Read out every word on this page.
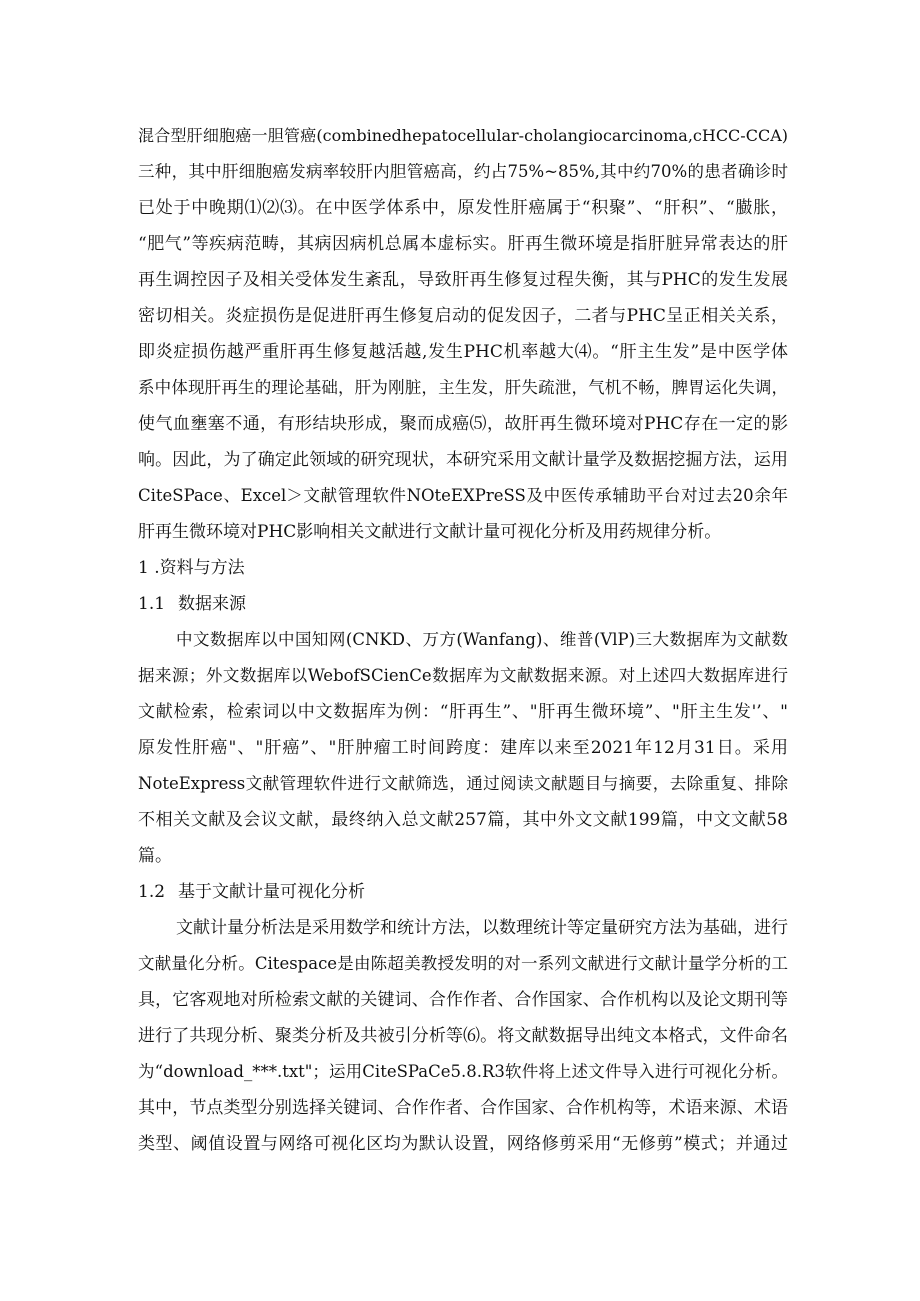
混合型肝细胞癌一胆管癌(combinedhepatocellular-cholangiocarcinoma,cHCC-CCA)
三种，其中肝细胞癌发病率较肝内胆管癌高，约占75%~85%,其中约70%的患者确诊时
已处于中晚期⑴⑵⑶。在中医学体系中，原发性肝癌属于“积聚”、“肝积”、“臌胀，
“肥气”等疾病范畴，其病因病机总属本虚标实。肝再生微环境是指肝脏异常表达的肝
再生调控因子及相关受体发生紊乱，导致肝再生修复过程失衡，其与PHC的发生发展
密切相关。炎症损伤是促进肝再生修复启动的促发因子，二者与PHC呈正相关关系，
即炎症损伤越严重肝再生修复越活越,发生PHC机率越大⑷。“肝主生发”是中医学体
系中体现肝再生的理论基础，肝为刚脏，主生发，肝失疏泄，气机不畅，脾胃运化失调，
使气血壅塞不通，有形结块形成，聚而成癌⑸，故肝再生微环境对PHC存在一定的影
响。因此，为了确定此领域的研究现状，本研究采用文献计量学及数据挖掘方法，运用
CiteSPace、Excel＞文献管理软件NOteEXPreSS及中医传承辅助平台对过去20余年
肝再生微环境对PHC影响相关文献进行文献计量可视化分析及用药规律分析。
1 .资料与方法
1.1 数据来源
中文数据库以中国知网(CNKD、万方(Wanfang)、维普(VlP)三大数据库为文献数
据来源；外文数据库以WebofSCienCe数据库为文献数据来源。对上述四大数据库进行
文献检索，检索词以中文数据库为例：“肝再生”、"肝再生微环境”、"肝主生发'’、"
原发性肝癌"、"肝癌”、"肝肿瘤工时间跨度：建库以来至2021年12月31日。采用
NoteExpress文献管理软件进行文献筛选，通过阅读文献题目与摘要，去除重复、排除
不相关文献及会议文献，最终纳入总文献257篇，其中外文文献199篇，中文文献58
篇。
1.2 基于文献计量可视化分析
文献计量分析法是采用数学和统计方法，以数理统计等定量研究方法为基础，进行
文献量化分析。Citespace是由陈超美教授发明的对一系列文献进行文献计量学分析的工
具，它客观地对所检索文献的关键词、合作作者、合作国家、合作机构以及论文期刊等
进行了共现分析、聚类分析及共被引分析等⑹。将文献数据导出纯文本格式，文件命名
为“download_***.txt"；运用CiteSPaCe5.8.R3软件将上述文件导入进行可视化分析。
其中，节点类型分别选择关键词、合作作者、合作国家、合作机构等，术语来源、术语
类型、阈值设置与网络可视化区均为默认设置，网络修剪采用“无修剪”模式；并通过
